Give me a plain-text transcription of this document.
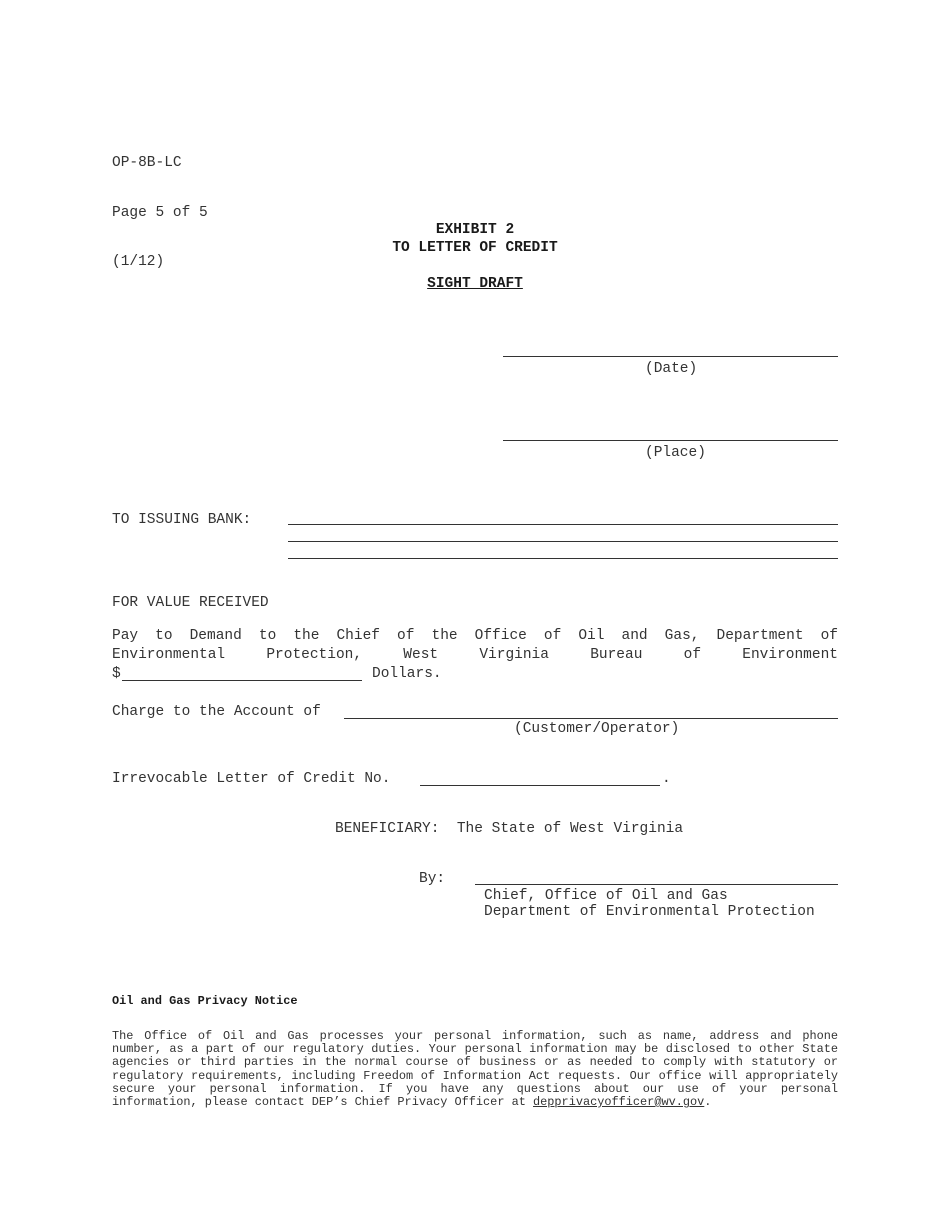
OP-8B-LC

Page 5 of 5

(1/12)

EXHIBIT 2
TO LETTER OF CREDIT
SIGHT DRAFT
(Date)
(Place)
TO ISSUING BANK:
FOR VALUE RECEIVED
Pay to Demand to the Chief of the Office of Oil and Gas, Department of
Environmental Protection, West Virginia Bureau of Environment
$	Dollars.
Charge to the Account of
(Customer/Operator)
Irrevocable Letter of Credit No.	.
BENEFICIARY:  The State of West Virginia
By:
Chief, Office of Oil and Gas
Department of Environmental Protection
Oil and Gas Privacy Notice
The Office of Oil and Gas processes your personal information, such as name, address and phone number, as a part of our regulatory duties. Your personal information may be disclosed to other State agencies or third parties in the normal course of business or as needed to comply with statutory or regulatory requirements, including Freedom of Information Act requests. Our office will appropriately secure your personal information. If you have any questions about our use of your personal information, please contact DEP’s Chief Privacy Officer at depprivacyofficer@wv.gov.
